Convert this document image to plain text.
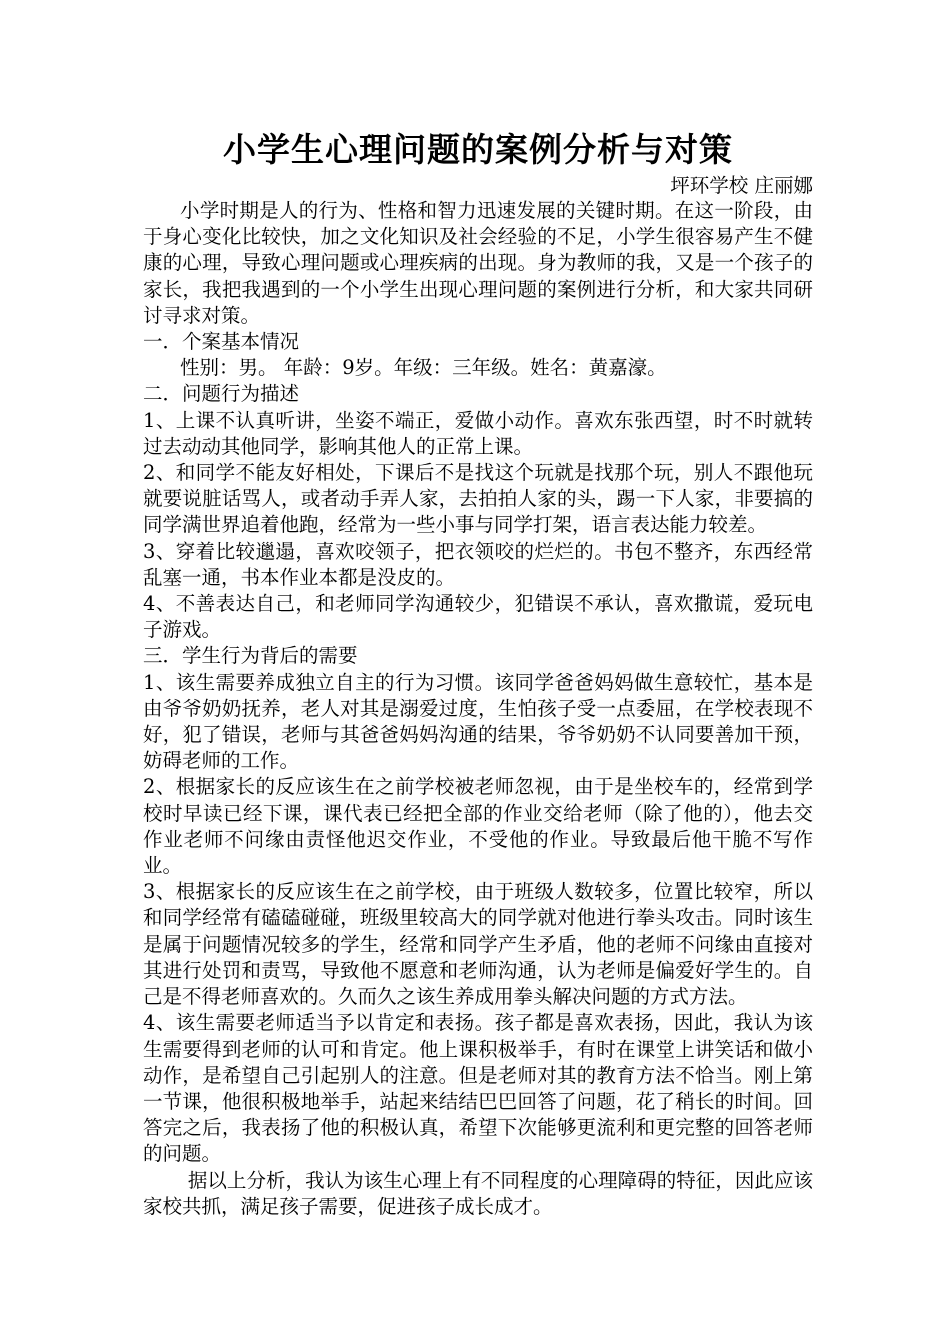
小学生心理问题的案例分析与对策

坪环学校 庄丽娜

小学时期是人的行为、性格和智力迅速发展的关键时期。在这一阶段，由于身心变化比较快，加之文化知识及社会经验的不足，小学生很容易产生不健康的心理，导致心理问题或心理疾病的出现。身为教师的我，又是一个孩子的家长，我把我遇到的一个小学生出现心理问题的案例进行分析，和大家共同研讨寻求对策。

一．个案基本情况

性别：男。 年龄：9岁。年级：三年级。姓名：黄嘉濠。

二．问题行为描述

1、上课不认真听讲，坐姿不端正，爱做小动作。喜欢东张西望，时不时就转过去动动其他同学，影响其他人的正常上课。

2、和同学不能友好相处，下课后不是找这个玩就是找那个玩，别人不跟他玩就要说脏话骂人，或者动手弄人家，去拍拍人家的头，踢一下人家，非要搞的同学满世界追着他跑，经常为一些小事与同学打架，语言表达能力较差。

3、穿着比较邋遢，喜欢咬领子，把衣领咬的烂烂的。书包不整齐，东西经常乱塞一通，书本作业本都是没皮的。

4、不善表达自己，和老师同学沟通较少，犯错误不承认，喜欢撒谎，爱玩电子游戏。

三．学生行为背后的需要

1、该生需要养成独立自主的行为习惯。该同学爸爸妈妈做生意较忙，基本是由爷爷奶奶抚养，老人对其是溺爱过度，生怕孩子受一点委屈，在学校表现不好，犯了错误，老师与其爸爸妈妈沟通的结果，爷爷奶奶不认同要善加干预，妨碍老师的工作。

2、根据家长的反应该生在之前学校被老师忽视，由于是坐校车的，经常到学校时早读已经下课，课代表已经把全部的作业交给老师（除了他的），他去交作业老师不问缘由责怪他迟交作业，不受他的作业。导致最后他干脆不写作业。

3、根据家长的反应该生在之前学校，由于班级人数较多，位置比较窄，所以和同学经常有磕磕碰碰，班级里较高大的同学就对他进行拳头攻击。同时该生是属于问题情况较多的学生，经常和同学产生矛盾，他的老师不问缘由直接对其进行处罚和责骂，导致他不愿意和老师沟通，认为老师是偏爱好学生的。自己是不得老师喜欢的。久而久之该生养成用拳头解决问题的方式方法。

4、该生需要老师适当予以肯定和表扬。孩子都是喜欢表扬，因此，我认为该生需要得到老师的认可和肯定。他上课积极举手，有时在课堂上讲笑话和做小动作，是希望自己引起别人的注意。但是老师对其的教育方法不恰当。刚上第一节课，他很积极地举手，站起来结结巴巴回答了问题，花了稍长的时间。回答完之后，我表扬了他的积极认真，希望下次能够更流利和更完整的回答老师的问题。

据以上分析，我认为该生心理上有不同程度的心理障碍的特征，因此应该家校共抓，满足孩子需要，促进孩子成长成才。
